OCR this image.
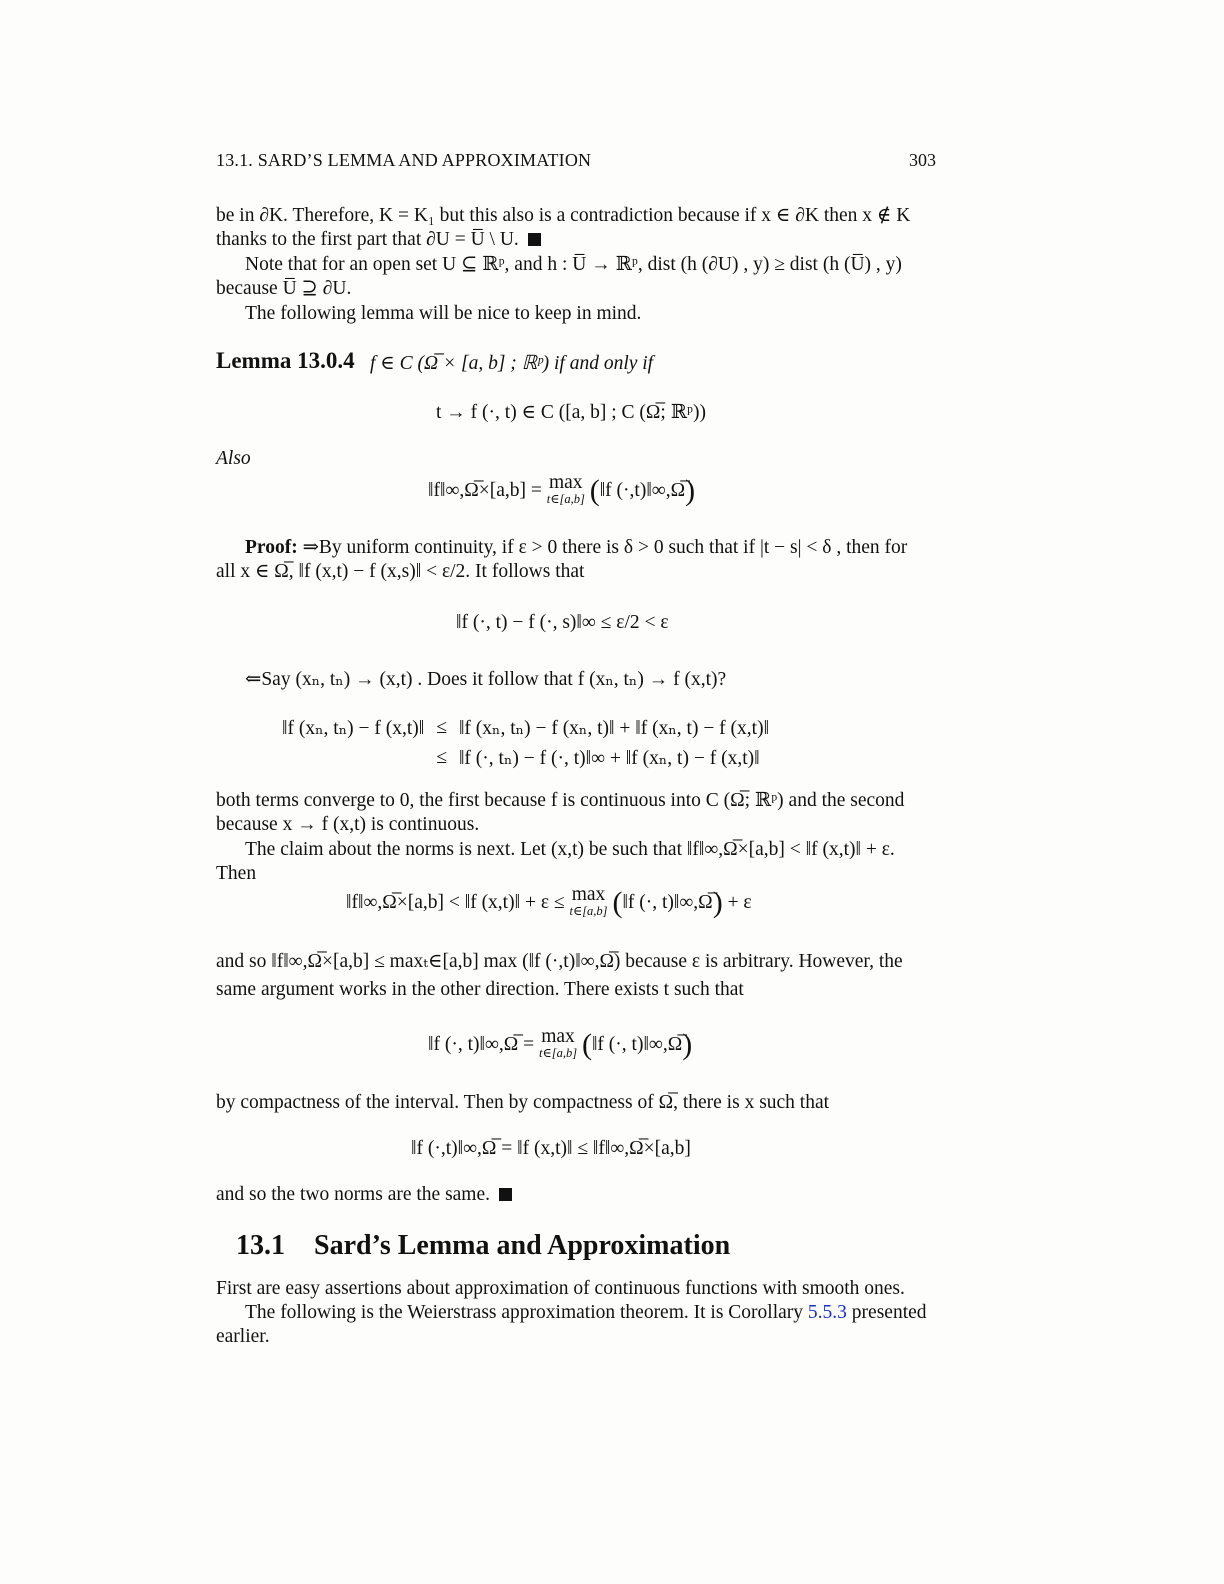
13.1. SARD’S LEMMA AND APPROXIMATION	303
be in ∂K. Therefore, K = K₁ but this also is a contradiction because if x ∈ ∂K then x ∉ K
thanks to the first part that ∂U = U̅ \ U.
Note that for an open set U ⊆ ℝᵖ, and h : U̅ → ℝᵖ, dist (h (∂U) , y) ≥ dist (h (U̅) , y)
because U̅ ⊇ ∂U.
The following lemma will be nice to keep in mind.
Lemma 13.0.4 f ∈ C (Ω̅ × [a, b] ; ℝᵖ) if and only if
t → f (·, t) ∈ C ([a, b] ; C (Ω̅; ℝᵖ))
Also
‖f‖∞,Ω̅×[a,b] = max
t∈[a,b] (‖f (·,t)‖∞,Ω̅)
Proof: ⇒By uniform continuity, if ε > 0 there is δ > 0 such that if |t − s| < δ , then for
all x ∈ Ω̅, ‖f (x,t) − f (x,s)‖ < ε/2. It follows that
‖f (·, t) − f (·, s)‖∞ ≤ ε/2 < ε
⇐Say (xₙ, tₙ) → (x,t) . Does it follow that f (xₙ, tₙ) → f (x,t)?
‖f (xₙ, tₙ) − f (x,t)‖	≤	‖f (xₙ, tₙ) − f (xₙ, t)‖ + ‖f (xₙ, t) − f (x,t)‖
	≤	‖f (·, tₙ) − f (·, t)‖∞ + ‖f (xₙ, t) − f (x,t)‖
both terms converge to 0, the first because f is continuous into C (Ω̅; ℝᵖ) and the second
because x → f (x,t) is continuous.
The claim about the norms is next. Let (x,t) be such that ‖f‖∞,Ω̅×[a,b] < ‖f (x,t)‖ + ε.
Then
‖f‖∞,Ω̅×[a,b] < ‖f (x,t)‖ + ε ≤ max
t∈[a,b] (‖f (·, t)‖∞,Ω̅) + ε
and so ‖f‖∞,Ω̅×[a,b] ≤ maxₜ∈[a,b] max (‖f (·,t)‖∞,Ω̅) because ε is arbitrary. However, the
same argument works in the other direction. There exists t such that
‖f (·, t)‖∞,Ω̅ = max
t∈[a,b] (‖f (·, t)‖∞,Ω̅)
by compactness of the interval. Then by compactness of Ω̅, there is x such that
‖f (·,t)‖∞,Ω̅ = ‖f (x,t)‖ ≤ ‖f‖∞,Ω̅×[a,b]
and so the two norms are the same.
13.1 Sard’s Lemma and Approximation
First are easy assertions about approximation of continuous functions with smooth ones.
The following is the Weierstrass approximation theorem. It is Corollary 5.5.3 presented
earlier.
